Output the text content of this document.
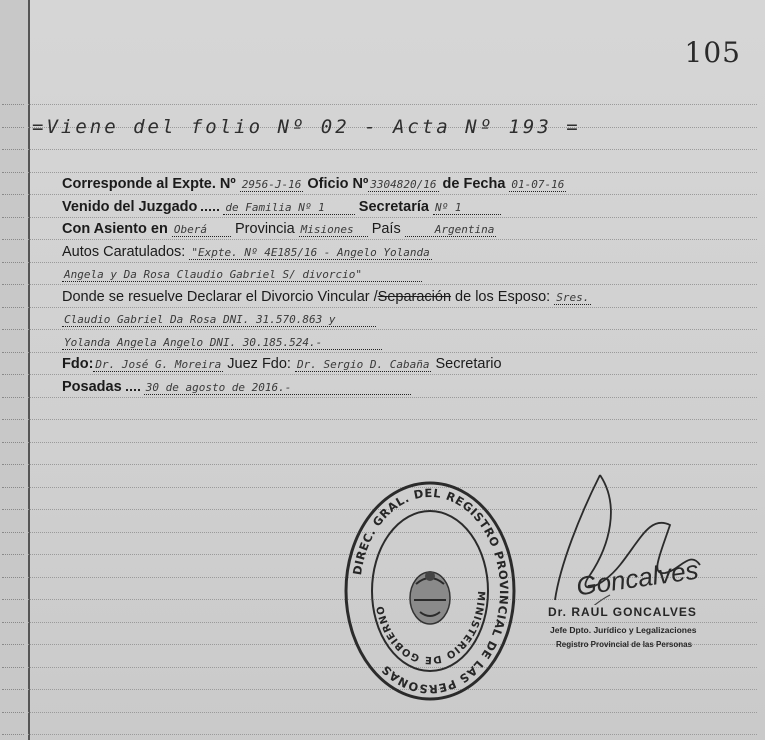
105
=Viene del folio Nº 02 - Acta Nº 193 =
Corresponde al Expte. Nº 2956-J-16 Oficio Nº 3304820/16 de Fecha 01-07-16
Venido del Juzgado	de Familia Nº 1 Secretaría Nº 1
Con Asiento en Oberá Provincia Misiones País	Argentina
Autos Caratulados: "Expte. Nº 4E185/16 - Angelo Yolanda
Angela y Da Rosa Claudio Gabriel S/ divorcio"
Donde se resuelve Declarar el Divorcio Vincular /Separación de los Esposo: Sres.
Claudio Gabriel Da Rosa DNI. 31.570.863 y
Yolanda Angela Angelo DNI. 30.185.524.-
Fdo: Dr. José G. Moreira Juez Fdo: Dr. Sergio D. Cabaña Secretario
Posadas 30 de agosto de 2016.-
DIREC. GRAL. DEL REGISTRO PROVINCIAL DE LAS PERSONAS
MINISTERIO DE GOBIERNO
Goncalves
Dr. RAUL GONCALVES
Jefe Dpto. Jurídico y Legalizaciones
Registro Provincial de las Personas
